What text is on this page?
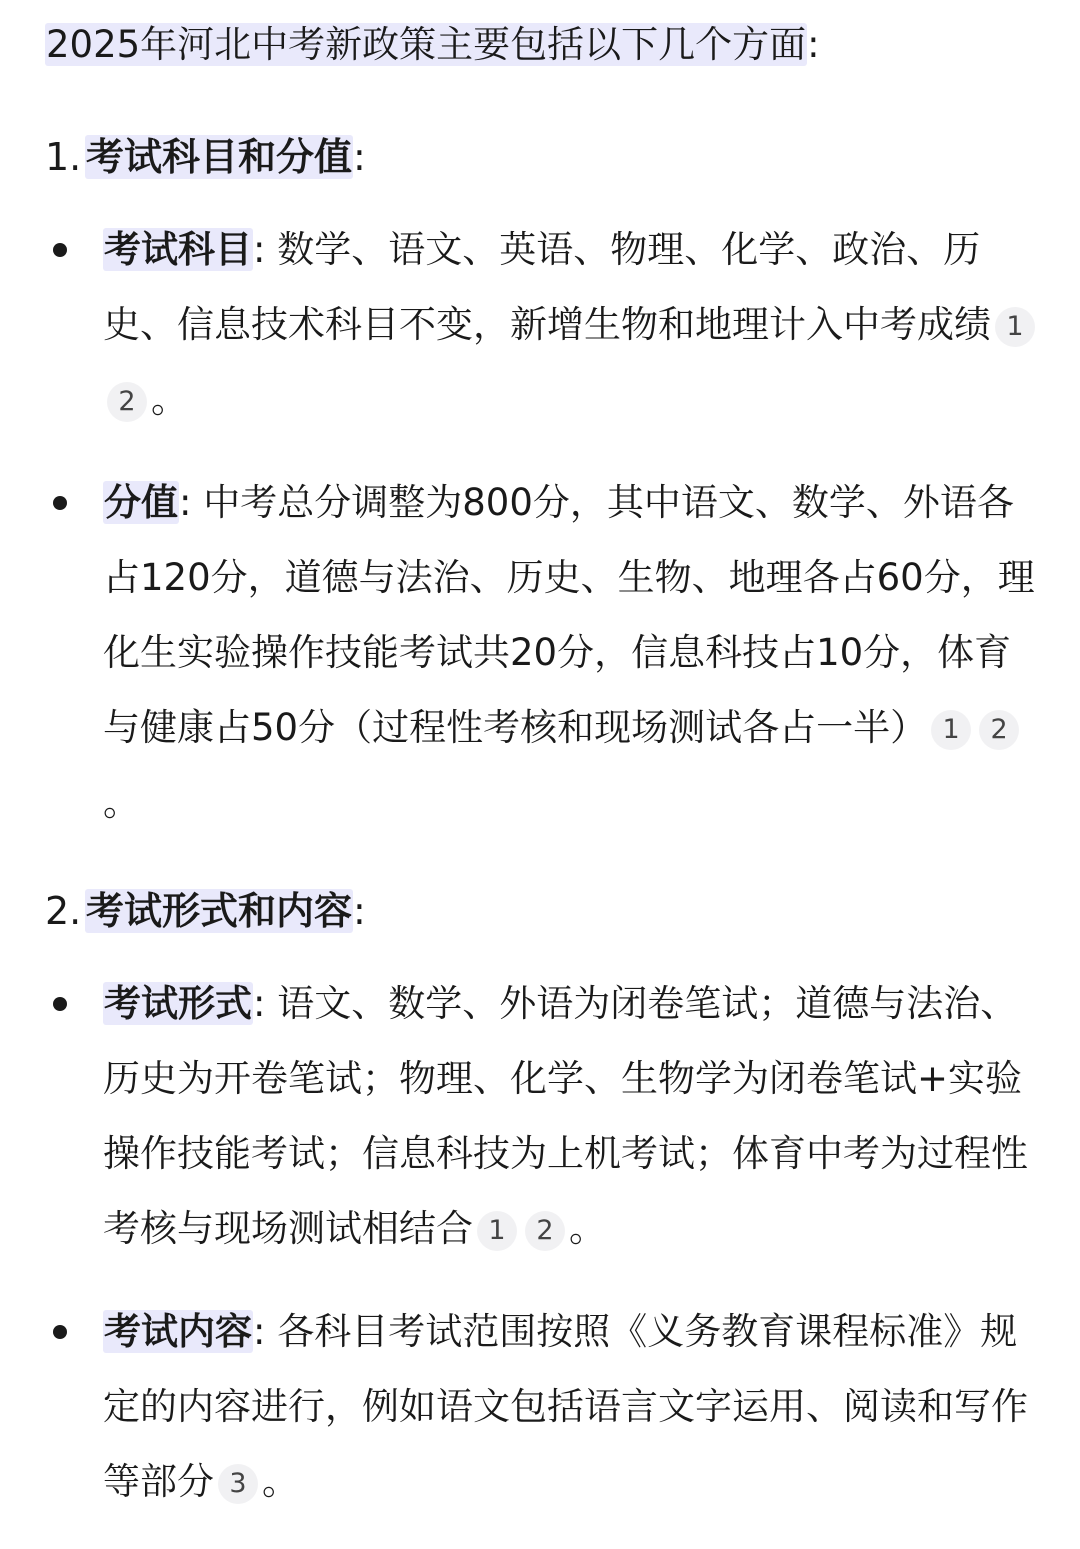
2025年河北中考新政策主要包括以下几个方面:

1. 考试科目和分值:
考试科目: 数学、语文、英语、物理、化学、政治、历史、信息技术科目不变，新增生物和地理计入中考成绩 12 。
分值: 中考总分调整为800分，其中语文、数学、外语各占120分，道德与法治、历史、生物、地理各占60分，理化生实验操作技能考试共20分，信息科技占10分，体育与健康占50分（过程性考核和现场测试各占一半） 1 2。
2. 考试形式和内容:
考试形式: 语文、数学、外语为闭卷笔试；道德与法治、历史为开卷笔试；物理、化学、生物学为闭卷笔试+实验操作技能考试；信息科技为上机考试；体育中考为过程性考核与现场测试相结合 1 2 。
考试内容: 各科目考试范围按照《义务教育课程标准》规定的内容进行，例如语文包括语言文字运用、阅读和写作等部分 3 。
